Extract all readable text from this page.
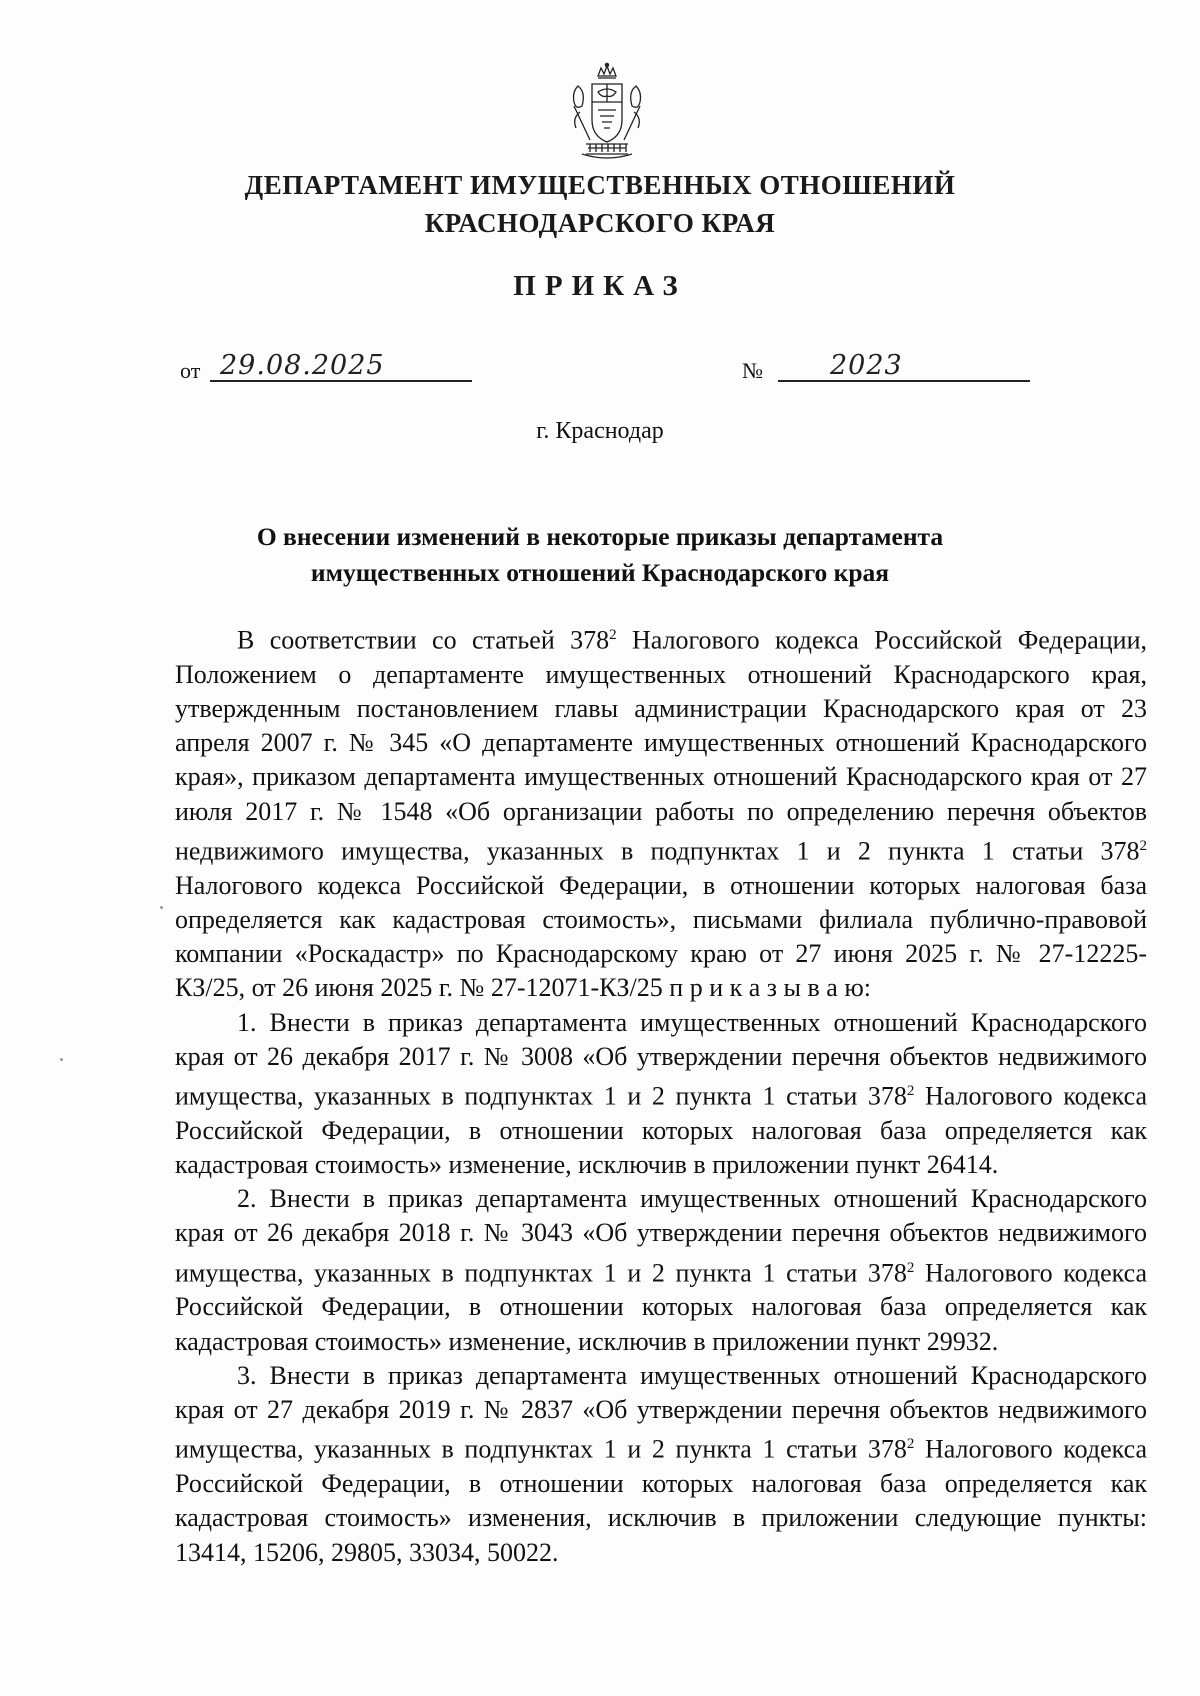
ДЕПАРТАМЕНТ ИМУЩЕСТВЕННЫХ ОТНОШЕНИЙ
КРАСНОДАРСКОГО КРАЯ
ПРИКАЗ
от 29.08.2025	№ 2023
г. Краснодар
О внесении изменений в некоторые приказы департамента
имущественных отношений Краснодарского края

В соответствии со статьей $378^2$ Налогового кодекса Российской Федерации, Положением о департаменте имущественных отношений Краснодарского края, утвержденным постановлением главы администрации Краснодарского края от 23 апреля 2007 г. № 345 «О департаменте имущественных отношений Краснодарского края», приказом департамента имущественных отношений Краснодарского края от 27 июля 2017 г. № 1548 «Об организации работы по определению перечня объектов недвижимого имущества, указанных в подпунктах 1 и 2 пункта 1 статьи $378^2$ Налогового кодекса Российской Федерации, в отношении которых налоговая база определяется как кадастровая стоимость», письмами филиала публично-правовой компании «Роскадастр» по Краснодарскому краю от 27 июня 2025 г. № 27-12225-КЗ/25, от 26 июня 2025 г. № 27-12071-КЗ/25 п р и к а з ы в а ю:

1. Внести в приказ департамента имущественных отношений Краснодарского края от 26 декабря 2017 г. № 3008 «Об утверждении перечня объектов недвижимого имущества, указанных в подпунктах 1 и 2 пункта 1 статьи $378^2$ Налогового кодекса Российской Федерации, в отношении которых налоговая база определяется как кадастровая стоимость» изменение, исключив в приложении пункт 26414.

2. Внести в приказ департамента имущественных отношений Краснодарского края от 26 декабря 2018 г. № 3043 «Об утверждении перечня объектов недвижимого имущества, указанных в подпунктах 1 и 2 пункта 1 статьи $378^2$ Налогового кодекса Российской Федерации, в отношении которых налоговая база определяется как кадастровая стоимость» изменение, исключив в приложении пункт 29932.

3. Внести в приказ департамента имущественных отношений Краснодарского края от 27 декабря 2019 г. № 2837 «Об утверждении перечня объектов недвижимого имущества, указанных в подпунктах 1 и 2 пункта 1 статьи $378^2$ Налогового кодекса Российской Федерации, в отношении которых налоговая база определяется как кадастровая стоимость» изменения, исключив в приложении следующие пункты: 13414, 15206, 29805, 33034, 50022.
